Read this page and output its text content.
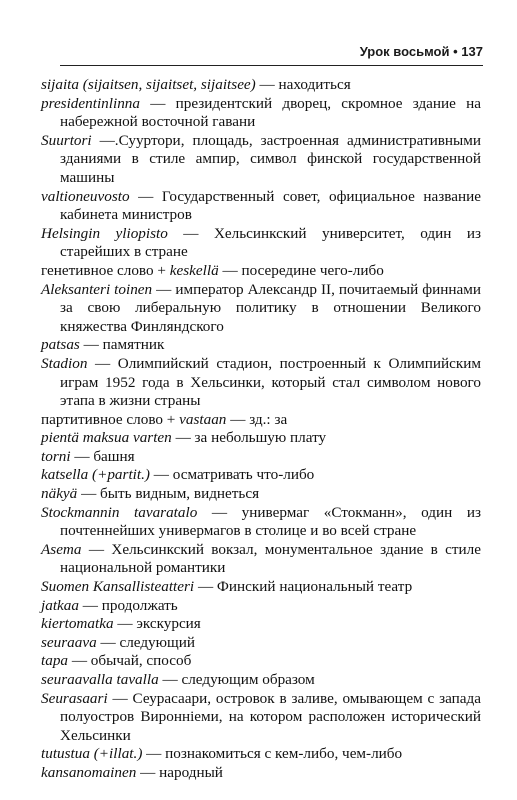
Урок восьмой • 137
sijaita (sijaitsen, sijaitset, sijaitsee) — находиться
presidentinlinna — президентский дворец, скромное здание на набережной восточной гавани
Suurtori —.Сууртори, площадь, застроенная административными зданиями в стиле ампир, символ финской государственной машины
valtioneuvosto — Государственный совет, официальное название кабинета министров
Helsingin yliopisto — Хельсинкский университет, один из старейших в стране
генетивное слово + keskellä — посередине чего-либо
Aleksanteri toinen — император Александр II, почитаемый финнами за свою либеральную политику в отношении Великого княжества Финляндского
patsas — памятник
Stadion — Олимпийский стадион, построенный к Олимпийским играм 1952 года в Хельсинки, который стал символом нового этапа в жизни страны
партитивное слово + vastaan — зд.: за
pientä maksua varten — за небольшую плату
torni — башня
katsella (+partit.) — осматривать что-либо
näkyä — быть видным, виднеться
Stockmannin tavaratalo — универмаг «Стокманн», один из почтеннейших универмагов в столице и во всей стране
Asema — Хельсинкский вокзал, монументальное здание в стиле национальной романтики
Suomen Kansallisteatteri — Финский национальный театр
jatkaa — продолжать
kiertomatka — экскурсия
seuraava — следующий
tapa — обычай, способ
seuraavalla tavalla — следующим образом
Seurasaari — Сеурасаари, островок в заливе, омывающем с запада полуостров Вироннiеми, на котором расположен исторический Хельсинки
tutustua (+illat.) — познакомиться с кем-либо, чем-либо
kansanomainen — народный
